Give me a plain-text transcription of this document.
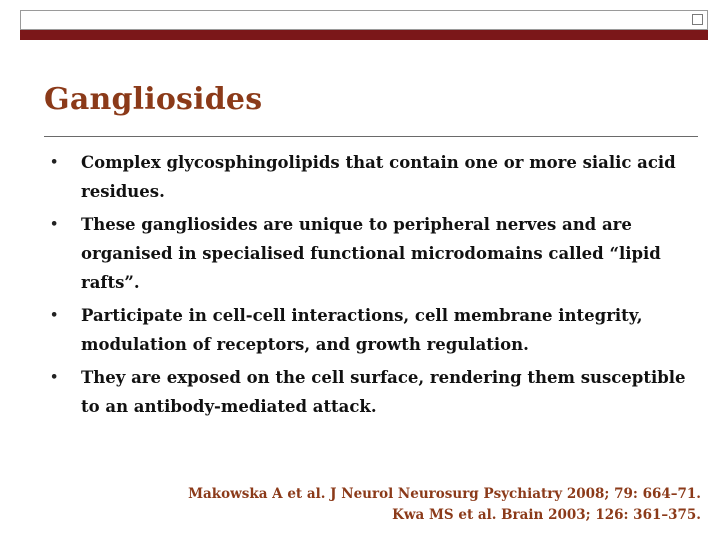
Gangliosides
• Complex glycosphingolipids that contain one or more sialic acid residues.
• These gangliosides are unique to peripheral nerves and are organised in specialised functional microdomains called “lipid rafts”.
• Participate in cell-cell interactions, cell membrane integrity, modulation of receptors, and growth regulation.
• They are exposed on the cell surface, rendering them susceptible to an antibody-mediated attack.
Makowska A et al. J Neurol Neurosurg Psychiatry 2008; 79: 664–71.
Kwa MS et al. Brain 2003; 126: 361–375.
